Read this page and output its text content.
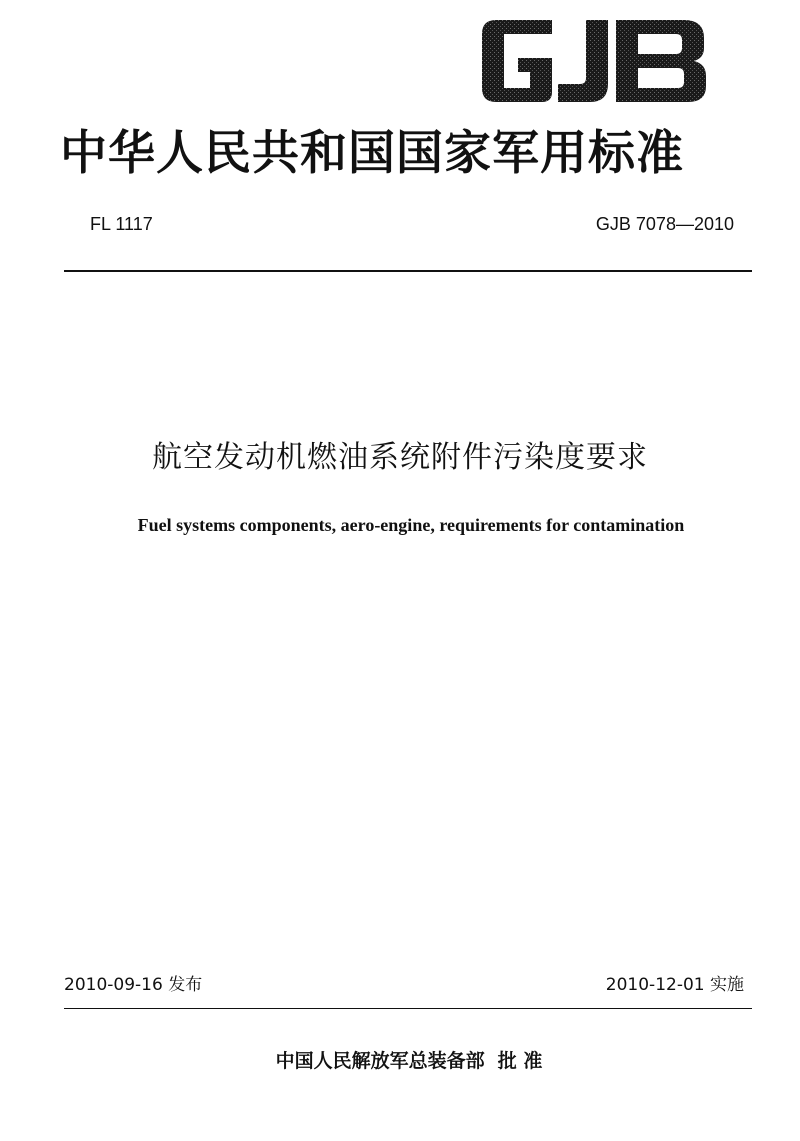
中华人民共和国国家军用标准
FL 1117	GJB 7078—2010
航空发动机燃油系统附件污染度要求
Fuel systems components, aero-engine, requirements for contamination
2010-09-16 发布	2010-12-01 实施
中国人民解放军总装备部  批 准
